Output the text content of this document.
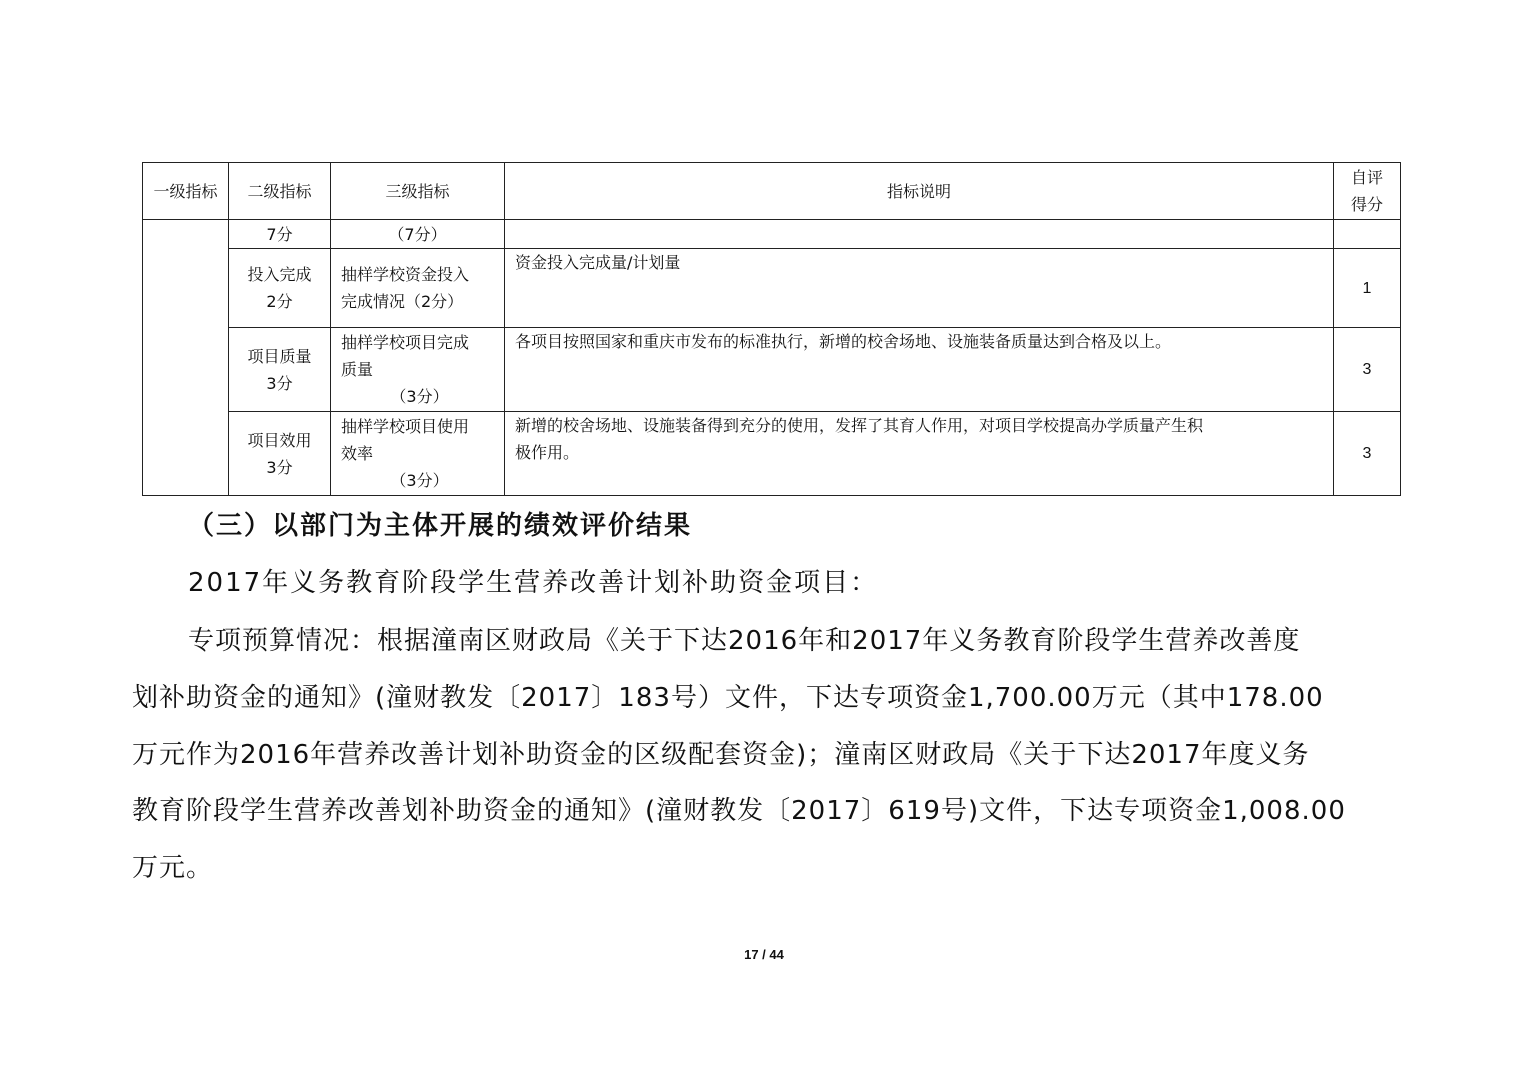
一级指标	二级指标	三级指标	指标说明	自评
得分

	7分	（7分）		

	投入完成
2分	抽样学校资金投入
完成情况（2分）	资金投入完成量/计划量	1

	项目质量
3分	抽样学校项目完成
质量
（3分）	各项目按照国家和重庆市发布的标准执行，新增的校舍场地、设施装备质量达到合格及以上。	3

	项目效用
3分	抽样学校项目使用
效率
（3分）	新增的校舍场地、设施装备得到充分的使用，发挥了其育人作用，对项目学校提高办学质量产生积
极作用。	3
（三）以部门为主体开展的绩效评价结果
2017年义务教育阶段学生营养改善计划补助资金项目：
专项预算情况：根据潼南区财政局《关于下达2016年和2017年义务教育阶段学生营养改善度
划补助资金的通知》(潼财教发〔2017〕183号）文件，下达专项资金1,700.00万元（其中178.00
万元作为2016年营养改善计划补助资金的区级配套资金)；潼南区财政局《关于下达2017年度义务
教育阶段学生营养改善划补助资金的通知》(潼财教发〔2017〕619号)文件，下达专项资金1,008.00
万元。
17 / 44
